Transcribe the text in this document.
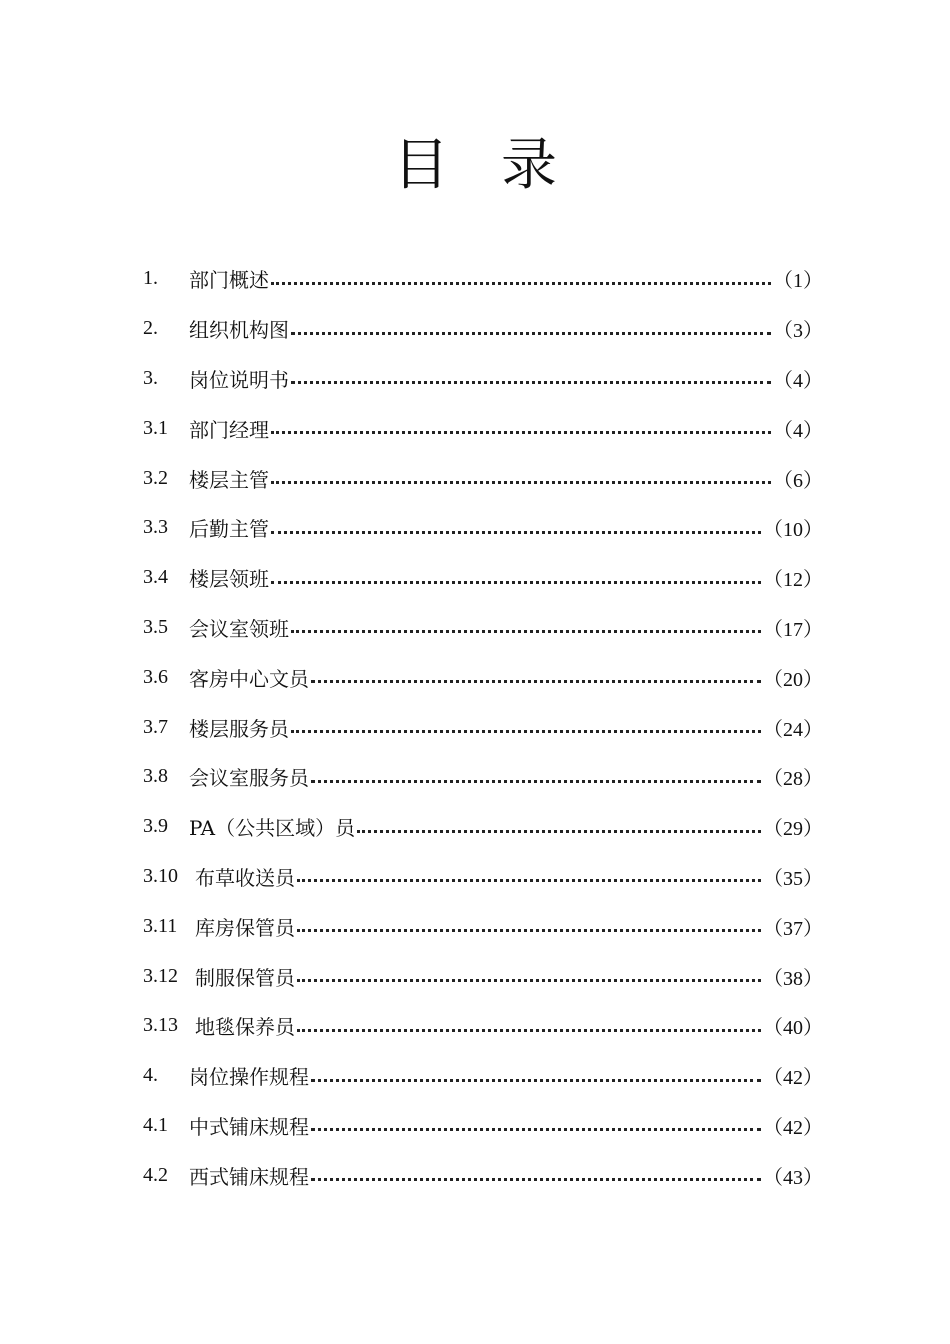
目 录
1.	部门概述	（1）
2.	组织机构图	（3）
3.	岗位说明书	（4）
3.1	部门经理	（4）
3.2	楼层主管	（6）
3.3	后勤主管	（10）
3.4	楼层领班	（12）
3.5	会议室领班	（17）
3.6	客房中心文员	（20）
3.7	楼层服务员	（24）
3.8	会议室服务员	（28）
3.9	PA（公共区域）员	（29）
3.10 布草收送员	（35）
3.11 库房保管员	（37）
3.12 制服保管员	（38）
3.13 地毯保养员	（40）
4.	岗位操作规程	（42）
4.1	中式铺床规程	（42）
4.2	西式铺床规程	（43）
